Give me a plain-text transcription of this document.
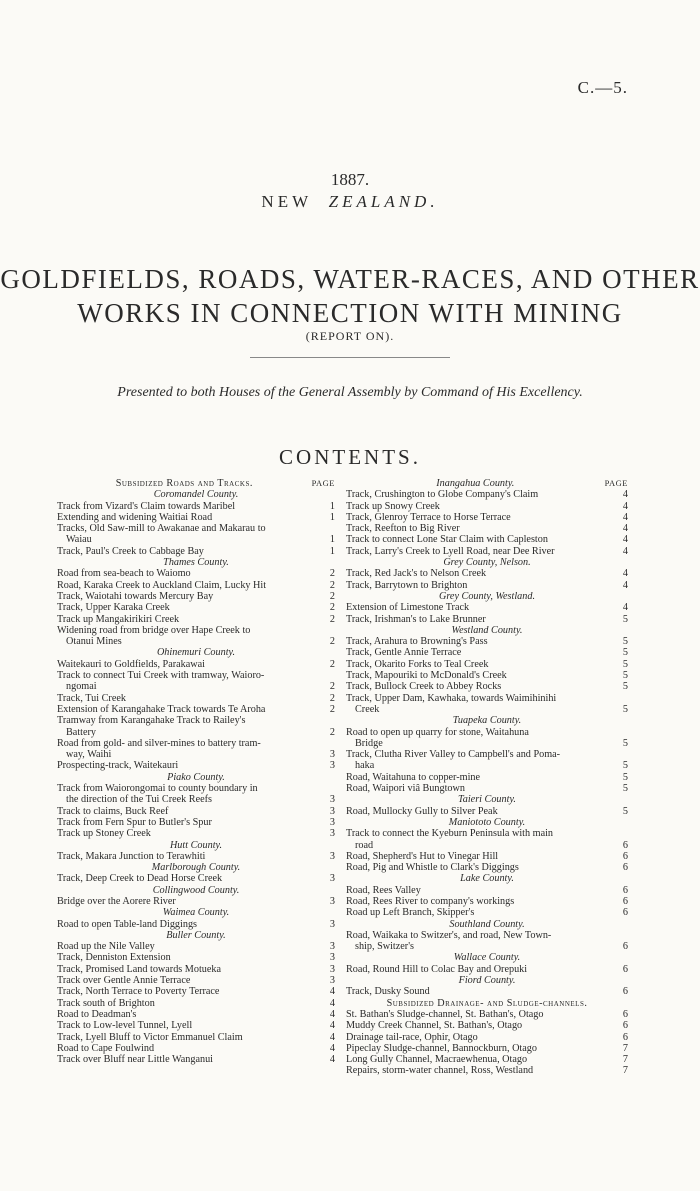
C.—5.
1887.
NEW ZEALAND.
GOLDFIELDS, ROADS, WATER-RACES, AND OTHER
WORKS IN CONNECTION WITH MINING
(REPORT ON).
Presented to both Houses of the General Assembly by Command of His Excellency.
CONTENTS.
Subsidized Roads and Tracks.	PAGE
Coromandel County.
Track from Vizard's Claim towards Maribel	1
Extending and widening Waitiai Road	1
Tracks, Old Saw-mill to Awakanae and Makarau to
Waiau	1
Track, Paul's Creek to Cabbage Bay	1
Thames County.
Road from sea-beach to Waiomo	2
Road, Karaka Creek to Auckland Claim, Lucky Hit	2
Track, Waiotahi towards Mercury Bay	2
Track, Upper Karaka Creek	2
Track up Mangakirikiri Creek	2
Widening road from bridge over Hape Creek to
Otanui Mines	2
Ohinemuri County.
Waitekauri to Goldfields, Parakawai	2
Track to connect Tui Creek with tramway, Waioro-
ngomai	2
Track, Tui Creek	2
Extension of Karangahake Track towards Te Aroha	2
Tramway from Karangahake Track to Railey's
Battery	2
Road from gold- and silver-mines to battery tram-
way, Waihi	3
Prospecting-track, Waitekauri	3
Piako County.
Track from Waiorongomai to county boundary in
the direction of the Tui Creek Reefs	3
Track to claims, Buck Reef	3
Track from Fern Spur to Butler's Spur	3
Track up Stoney Creek	3
Hutt County.
Track, Makara Junction to Terawhiti	3
Marlborough County.
Track, Deep Creek to Dead Horse Creek	3
Collingwood County.
Bridge over the Aorere River	3
Waimea County.
Road to open Table-land Diggings	3
Buller County.
Road up the Nile Valley	3
Track, Denniston Extension	3
Track, Promised Land towards Motueka	3
Track over Gentle Annie Terrace	3
Track, North Terrace to Poverty Terrace	4
Track south of Brighton	4
Road to Deadman's	4
Track to Low-level Tunnel, Lyell	4
Track, Lyell Bluff to Victor Emmanuel Claim	4
Road to Cape Foulwind	4
Track over Bluff near Little Wanganui	4
Inangahua County.	PAGE
Track, Crushington to Globe Company's Claim	4
Track up Snowy Creek	4
Track, Glenroy Terrace to Horse Terrace	4
Track, Reefton to Big River	4
Track to connect Lone Star Claim with Capleston	4
Track, Larry's Creek to Lyell Road, near Dee River	4
Grey County, Nelson.
Track, Red Jack's to Nelson Creek	4
Track, Barrytown to Brighton	4
Grey County, Westland.
Extension of Limestone Track	4
Track, Irishman's to Lake Brunner	5
Westland County.
Track, Arahura to Browning's Pass	5
Track, Gentle Annie Terrace	5
Track, Okarito Forks to Teal Creek	5
Track, Mapouriki to McDonald's Creek	5
Track, Bullock Creek to Abbey Rocks	5
Track, Upper Dam, Kawhaka, towards Waimihinihi
Creek	5
Tuapeka County.
Road to open up quarry for stone, Waitahuna
Bridge	5
Track, Clutha River Valley to Campbell's and Poma-
haka	5
Road, Waitahuna to copper-mine	5
Road, Waipori viâ Bungtown	5
Taieri County.
Road, Mullocky Gully to Silver Peak	5
Maniototo County.
Track to connect the Kyeburn Peninsula with main
road	6
Road, Shepherd's Hut to Vinegar Hill	6
Road, Pig and Whistle to Clark's Diggings	6
Lake County.
Road, Rees Valley	6
Road, Rees River to company's workings	6
Road up Left Branch, Skipper's	6
Southland County.
Road, Waikaka to Switzer's, and road, New Town-
ship, Switzer's	6
Wallace County.
Road, Round Hill to Colac Bay and Orepuki	6
Fiord County.
Track, Dusky Sound	6
Subsidized Drainage- and Sludge-channels.
St. Bathan's Sludge-channel, St. Bathan's, Otago	6
Muddy Creek Channel, St. Bathan's, Otago	6
Drainage tail-race, Ophir, Otago	6
Pipeclay Sludge-channel, Bannockburn, Otago	7
Long Gully Channel, Macraewhenua, Otago	7
Repairs, storm-water channel, Ross, Westland	7
